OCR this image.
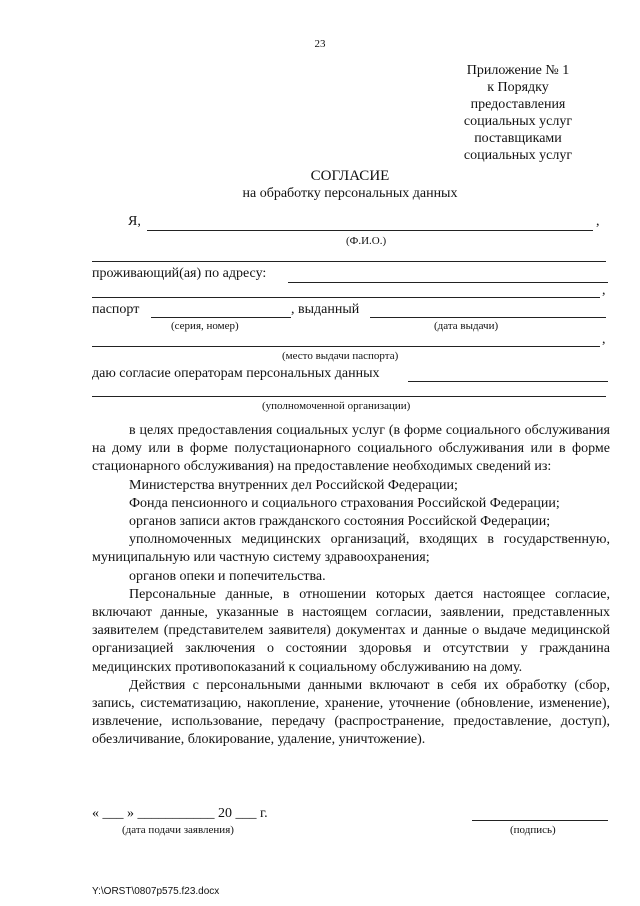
23
Приложение № 1
к Порядку
предоставления
социальных услуг
поставщиками
социальных услуг
СОГЛАСИЕ
на обработку персональных данных
Я,	,
(Ф.И.О.)
проживающий(ая) по адресу:
,
паспорт	, выданный
(серия, номер)	(дата выдачи)
,
(место выдачи паспорта)
даю согласие операторам персональных данных
(уполномоченной организации)

в целях предоставления социальных услуг (в форме социального обслуживания на дому или в форме полустационарного социального обслуживания или в форме стационарного обслуживания) на предоставление необходимых сведений из:

Министерства внутренних дел Российской Федерации;

Фонда пенсионного и социального страхования Российской Федерации;

органов записи актов гражданского состояния Российской Федерации;

уполномоченных медицинских организаций, входящих в государственную, муниципальную или частную систему здравоохранения;

органов опеки и попечительства.

Персональные данные, в отношении которых дается настоящее согласие, включают данные, указанные в настоящем согласии, заявлении, представленных заявителем (представителем заявителя) документах и данные о выдаче медицинской организацией заключения о состоянии здоровья и отсутствии у гражданина медицинских противопоказаний к социальному обслуживанию на дому.

Действия с персональными данными включают в себя их обработку (сбор, запись, систематизацию, накопление, хранение, уточнение (обновление, изменение), извлечение, использование, передачу (распространение, предоставление, доступ), обезличивание, блокирование, удаление, уничтожение).

« ___ » ___________ 20 ___ г.
(дата подачи заявления)	(подпись)
Y:\ORST\0807p575.f23.docx
